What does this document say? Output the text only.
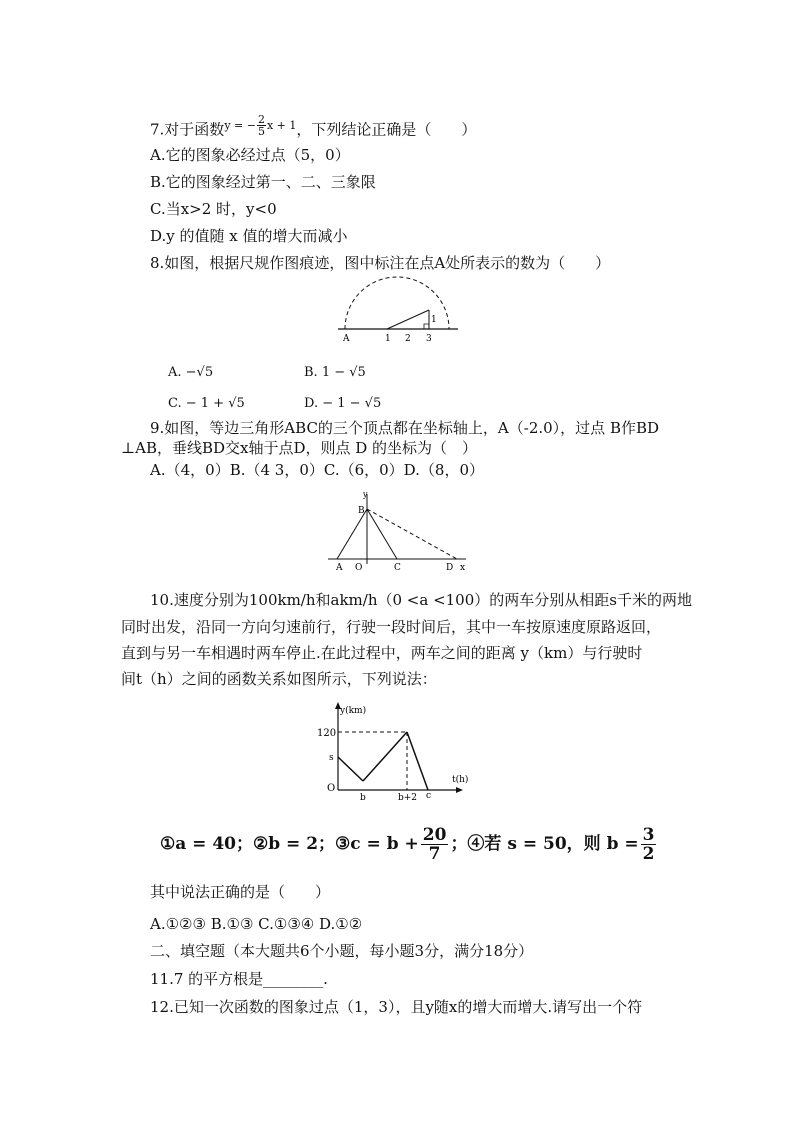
7.对于函数$^{y = - \frac{2}{5} x + 1}$，下列结论正确是（　　）
A.它的图象必经过点（5，0）
B.它的图象经过第一、二、三象限
C.当x>2 时，y<0
D.y 的值随 x 值的增大而减小
8.如图，根据尺规作图痕迹，图中标注在点A处所表示的数为（　　）
A	1 2 3
1
A. −√5	B. 1 − √5
C. − 1 + √5	D. − 1 − √5
9.如图，等边三角形ABC的三个顶点都在坐标轴上，A（-2.0），过点 B作BD
⊥AB，垂线BD交x轴于点D，则点 D 的坐标为（　）
A.（4，0）B.（4 3，0）C.（6，0）D.（8，0）
y
B
A O	C	D x
10.速度分别为100km/h和akm/h（0 <a <100）的两车分别从相距s千米的两地
同时出发，沿同一方向匀速前行，行驶一段时间后，其中一车按原速度原路返回，
直到与另一车相遇时两车停止.在此过程中，两车之间的距离 y（km）与行驶时
间t（h）之间的函数关系如图所示，下列说法：
y(km)
120
s
O
b	b+2 c
t(h)
①a = 40；②b = 2；③c = $b + \frac{20}{7}$ ；④若 s = 50，则 $b = \frac{3}{2}$
其中说法正确的是（　　）
A.①②③ B.①③ C.①③④ D.①②
二、填空题（本大题共6个小题，每小题3分，满分18分）
11.7 的平方根是________.
12.已知一次函数的图象过点（1，3），且y随x的增大而增大.请写出一个符
